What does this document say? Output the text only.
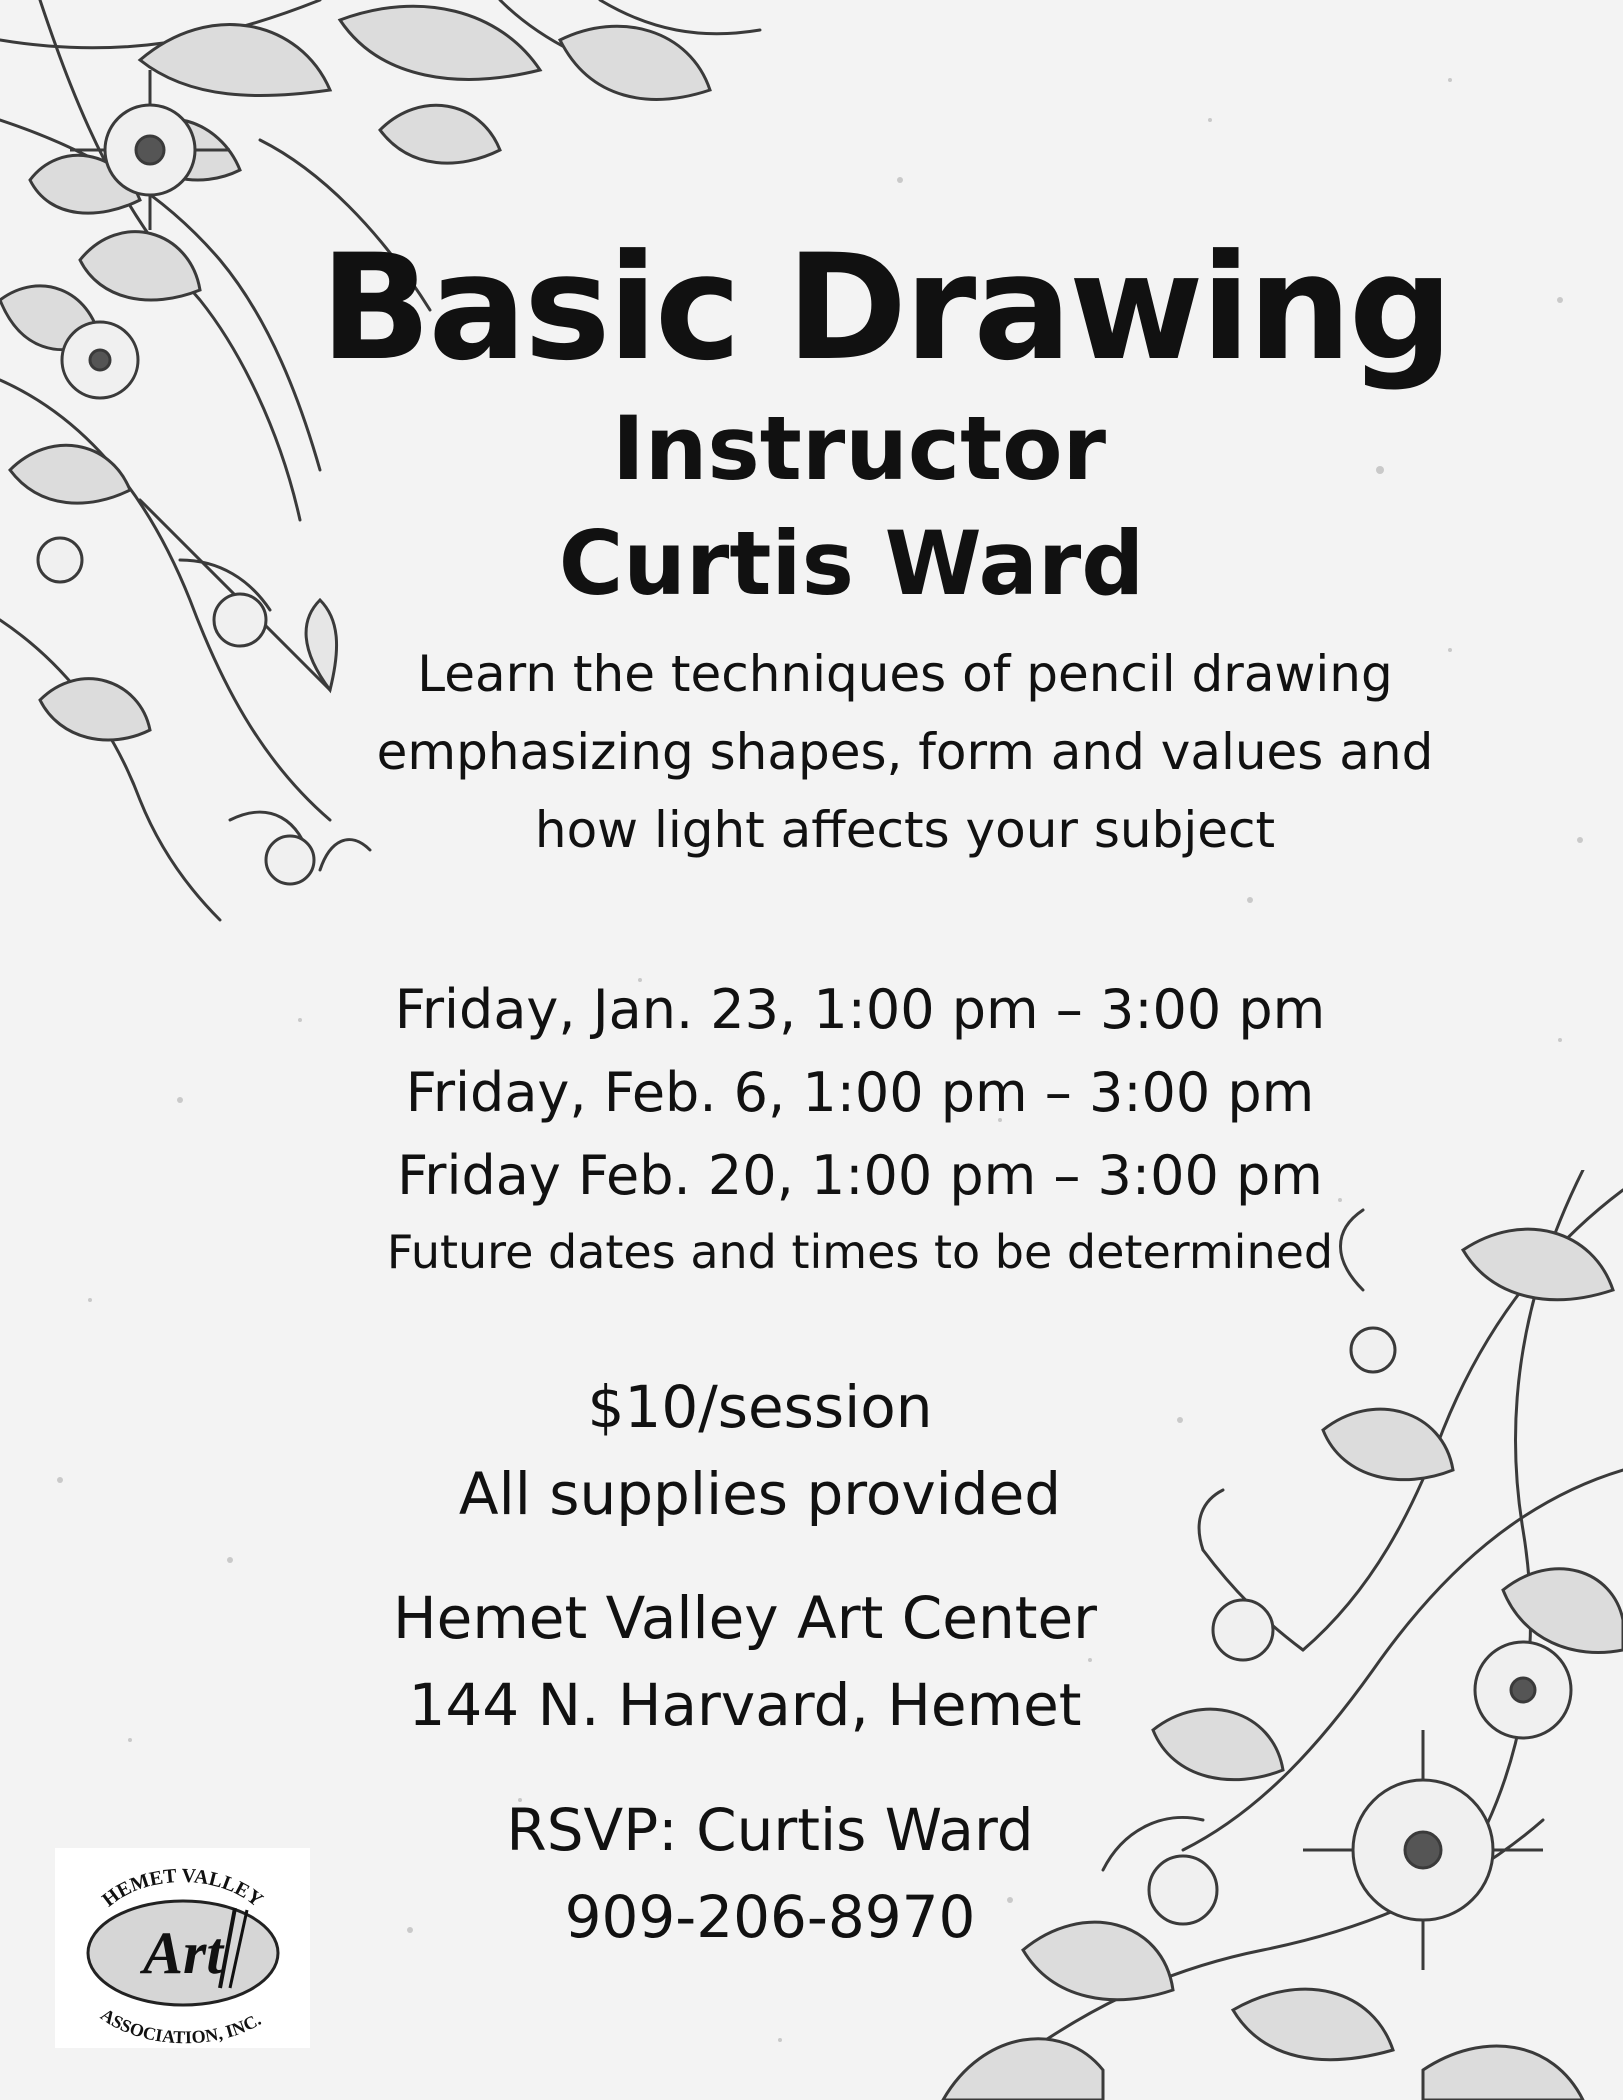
Basic Drawing
Instructor
Curtis Ward
Learn the techniques of pencil drawing
emphasizing shapes, form and values and
how light affects your subject
Friday, Jan. 23, 1:00 pm – 3:00 pm
Friday, Feb. 6, 1:00 pm – 3:00 pm
Friday Feb. 20, 1:00 pm – 3:00 pm
Future dates and times to be determined
$10/session
All supplies provided
Hemet Valley Art Center
144 N. Harvard, Hemet
RSVP: Curtis Ward
909-206-8970
HEMET VALLEY
Art
ASSOCIATION, INC.
